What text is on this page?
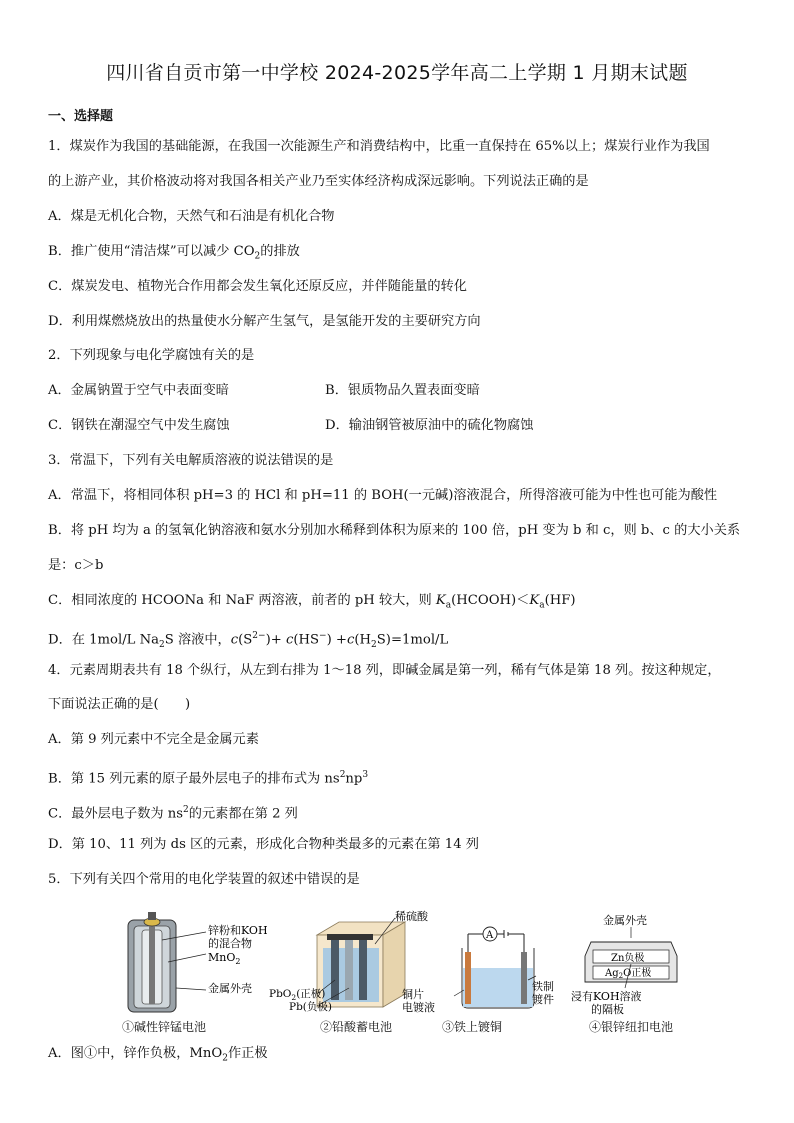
四川省自贡市第一中学校 2024-2025学年高二上学期 1 月期末试题
一、选择题
1．煤炭作为我国的基础能源，在我国一次能源生产和消费结构中，比重一直保持在 65%以上；煤炭行业作为我国
的上游产业，其价格波动将对我国各相关产业乃至实体经济构成深远影响。下列说法正确的是
A．煤是无机化合物，天然气和石油是有机化合物
B．推广使用“清洁煤”可以减少 $CO_2$的排放
C．煤炭发电、植物光合作用都会发生氧化还原反应，并伴随能量的转化
D．利用煤燃烧放出的热量使水分解产生氢气，是氢能开发的主要研究方向
2．下列现象与电化学腐蚀有关的是
A．金属钠置于空气中表面变暗	B．银质物品久置表面变暗
C．钢铁在潮湿空气中发生腐蚀	D．输油钢管被原油中的硫化物腐蚀
3．常温下，下列有关电解质溶液的说法错误的是
A．常温下，将相同体积 pH=3 的 HCl 和 pH=11 的 BOH(一元碱)溶液混合，所得溶液可能为中性也可能为酸性
B．将 pH 均为 a 的氢氧化钠溶液和氨水分别加水稀释到体积为原来的 100 倍，pH 变为 b 和 c，则 b、c 的大小关系
是：c＞b
C．相同浓度的 HCOONa 和 NaF 两溶液，前者的 pH 较大，则 $K_a(HCOOH)<K_a(HF)$
D．在 1mol/L $Na_2S$ 溶液中，$c(S^{2-})+ c(HS^-) +c(H_2S)=1mol/L$
4．元素周期表共有 18 个纵行，从左到右排为 1～18 列，即碱金属是第一列，稀有气体是第 18 列。按这种规定，
下面说法正确的是(　　)
A．第 9 列元素中不完全是金属元素
B．第 15 列元素的原子最外层电子的排布式为 $ns^2np^3$
C．最外层电子数为 $ns^2$的元素都在第 2 列
D．第 10、11 列为 ds 区的元素，形成化合物种类最多的元素在第 14 列
5．下列有关四个常用的电化学装置的叙述中错误的是
锌粉和KOH
的混合物
MnO$_2$
金属外壳
①碱性锌锰电池
稀硫酸
PbO$_2$(正极)
Pb(负极)
②铅酸蓄电池
A
铜片
电镀液
铁制
镀件
③铁上镀铜
金属外壳
Zn负极
$Ag_2O$正极
浸有KOH溶液
的隔板
④银锌纽扣电池
A．图①中，锌作负极，MnO$_2$作正极
